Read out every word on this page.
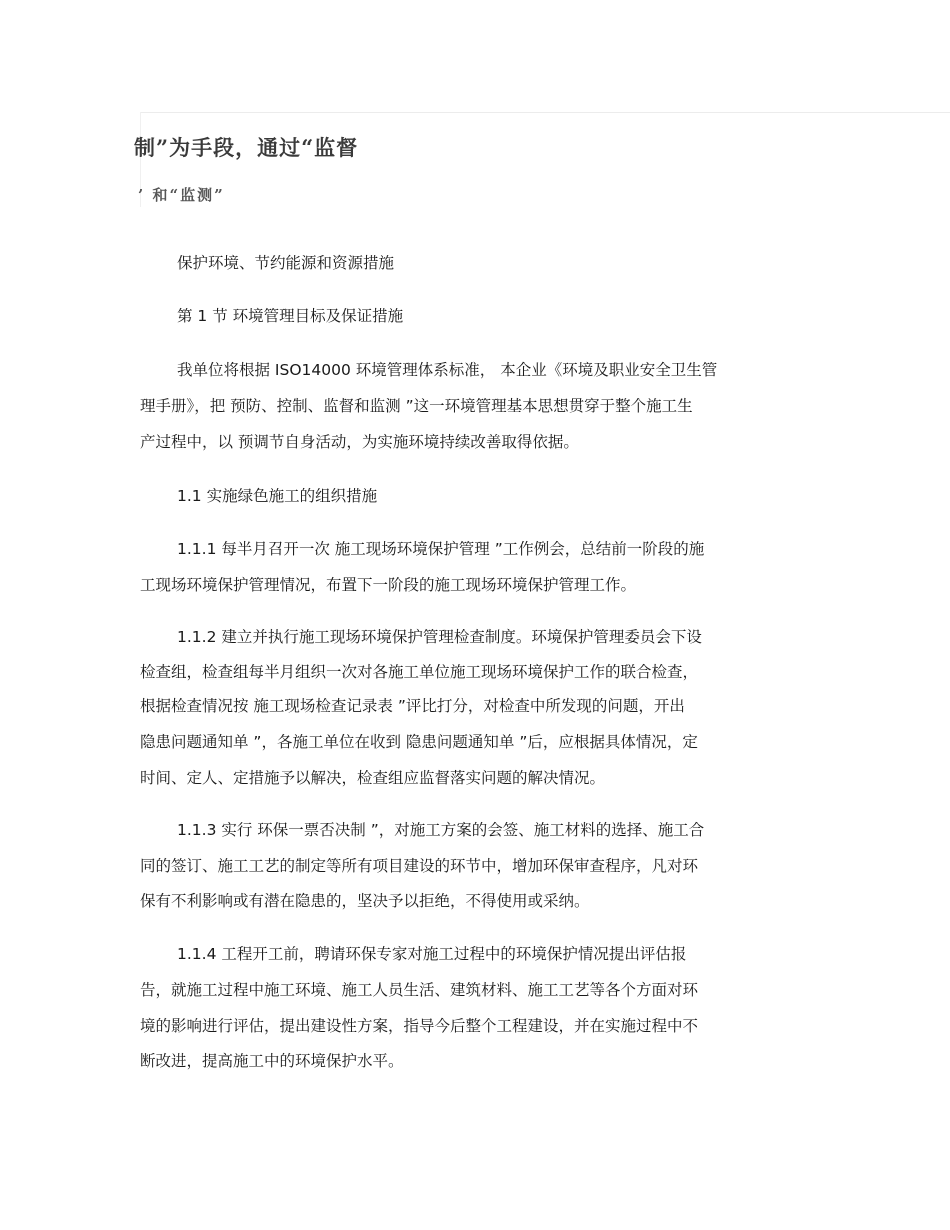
制”为手段，通过“监督
’ 和“监测”
保护环境、节约能源和资源措施
第 1 节 环境管理目标及保证措施
我单位将根据 ISO14000 环境管理体系标准， 本企业《环境及职业安全卫生管
理手册》，把 预防、控制、监督和监测 ”这一环境管理基本思想贯穿于整个施工生
产过程中，以 预调节自身活动，为实施环境持续改善取得依据。
1.1 实施绿色施工的组织措施
1.1.1 每半月召开一次 施工现场环境保护管理 ”工作例会，总结前一阶段的施
工现场环境保护管理情况，布置下一阶段的施工现场环境保护管理工作。
1.1.2 建立并执行施工现场环境保护管理检查制度。环境保护管理委员会下设
检查组，检查组每半月组织一次对各施工单位施工现场环境保护工作的联合检查，
根据检查情况按 施工现场检查记录表 ”评比打分，对检查中所发现的问题，开出
隐患问题通知单 ”，各施工单位在收到 隐患问题通知单 ”后，应根据具体情况，定
时间、定人、定措施予以解决，检查组应监督落实问题的解决情况。
1.1.3 实行 环保一票否决制 ”，对施工方案的会签、施工材料的选择、施工合
同的签订、施工工艺的制定等所有项目建设的环节中，增加环保审查程序，凡对环
保有不利影响或有潜在隐患的，坚决予以拒绝，不得使用或采纳。
1.1.4 工程开工前，聘请环保专家对施工过程中的环境保护情况提出评估报
告，就施工过程中施工环境、施工人员生活、建筑材料、施工工艺等各个方面对环
境的影响进行评估，提出建设性方案，指导今后整个工程建设，并在实施过程中不
断改进，提高施工中的环境保护水平。
